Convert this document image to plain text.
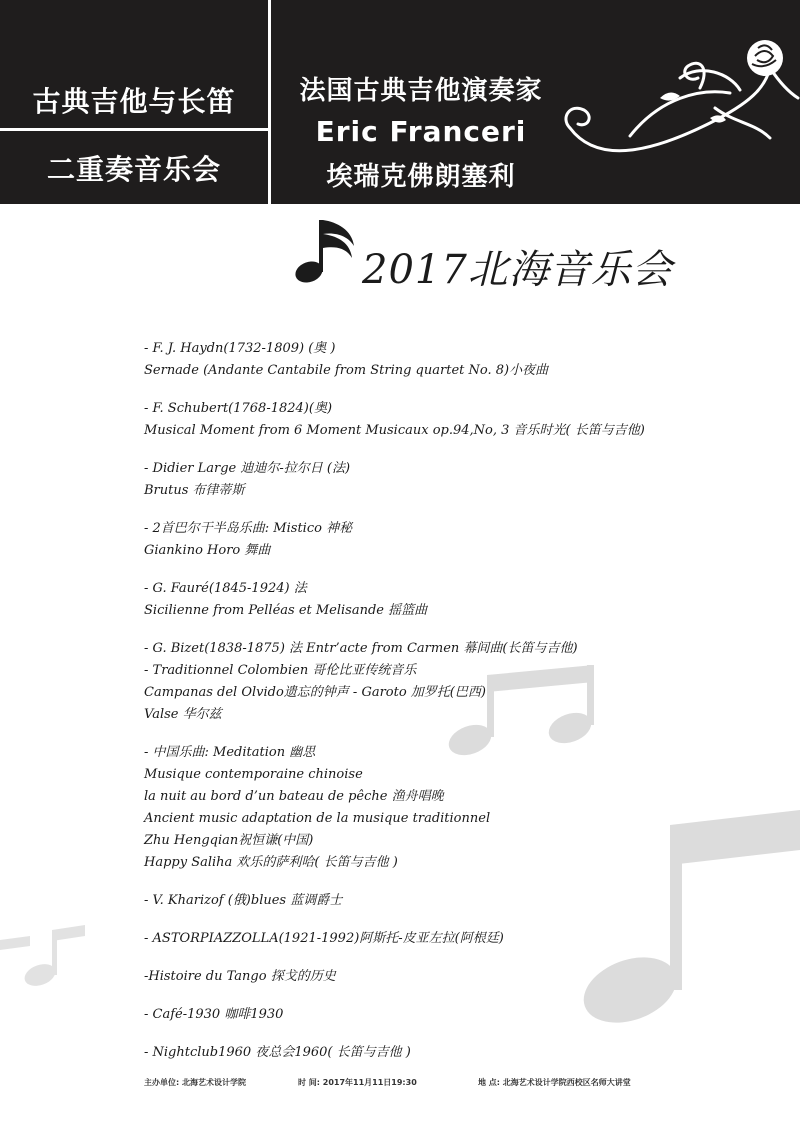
古典吉他与长笛
二重奏音乐会
法国古典吉他演奏家
Eric Franceri
埃瑞克佛朗塞利
2017北海音乐会
- F. J. Haydn(1732-1809) (奥 )
Sernade (Andante Cantabile from String quartet No. 8)小夜曲
- F. Schubert(1768-1824)(奥)
Musical Moment from 6 Moment Musicaux op.94,No, 3 音乐时光( 长笛与吉他)
- Didier Large 迪迪尔-拉尔日 (法)
Brutus 布律蒂斯
- 2首巴尔干半岛乐曲: Mistico 神秘
Giankino Horo 舞曲
- G. Fauré(1845-1924) 法
Sicilienne from Pelléas et Melisande 摇篮曲
- G. Bizet(1838-1875) 法 Entr’acte from Carmen 幕间曲(长笛与吉他)
- Traditionnel Colombien 哥伦比亚传统音乐
Campanas del Olvido遗忘的钟声 - Garoto 加罗托(巴西)
Valse 华尔兹
- 中国乐曲: Meditation 幽思
Musique contemporaine chinoise
la nuit au bord d’un bateau de pêche 渔舟唱晚
Ancient music adaptation de la musique traditionnel
Zhu Hengqian祝恒谦(中国)
Happy Saliha 欢乐的萨利哈( 长笛与吉他 )
- V. Kharizof (俄)blues 蓝调爵士
- ASTORPIAZZOLLA(1921-1992)阿斯托-皮亚左拉(阿根廷)
-Histoire du Tango 探戈的历史
- Café-1930 咖啡1930
- Nightclub1960 夜总会1960( 长笛与吉他 )
主办单位: 北海艺术设计学院	时 间: 2017年11月11日19:30	地 点: 北海艺术设计学院西校区名师大讲堂
